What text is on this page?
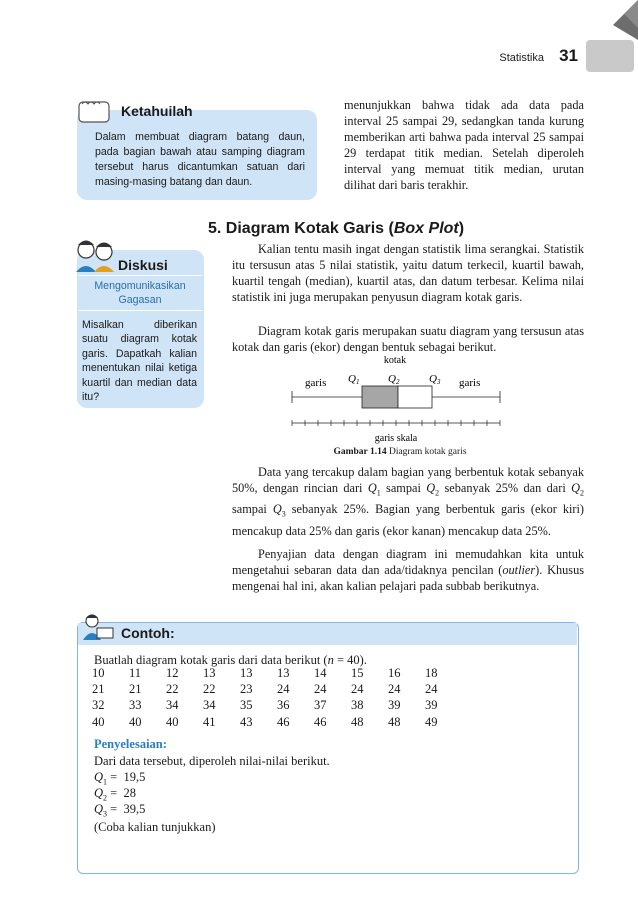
Statistika 31
Ketahuilah
Dalam membuat diagram batang daun, pada bagian bawah atau samping diagram tersebut harus dicantumkan satuan dari masing-masing batang dan daun.
Diskusi
Mengomunikasikan Gagasan
Misalkan diberikan suatu diagram kotak garis. Dapatkah kalian menentukan nilai ketiga kuartil dan median data itu?
menunjukkan bahwa tidak ada data pada interval 25 sampai 29, sedangkan tanda kurung memberikan arti bahwa pada interval 25 sampai 29 terdapat titik median. Setelah diperoleh interval yang memuat titik median, urutan dilihat dari baris terakhir.
5. Diagram Kotak Garis (Box Plot)
Kalian tentu masih ingat dengan statistik lima serangkai. Statistik itu tersusun atas 5 nilai statistik, yaitu datum terkecil, kuartil bawah, kuartil tengah (median), kuartil atas, dan datum terbesar. Kelima nilai statistik ini juga merupakan penyusun diagram kotak garis.
Diagram kotak garis merupakan suatu diagram yang tersusun atas kotak dan garis (ekor) dengan bentuk sebagai berikut.
kotak
garis	garis
Q1	Q2	Q3
garis skala
Gambar 1.14 Diagram kotak garis
Data yang tercakup dalam bagian yang berbentuk kotak sebanyak 50%, dengan rincian dari $Q_1$ sampai $Q_2$ sebanyak 25% dan dari $Q_2$ sampai $Q_3$ sebanyak 25%. Bagian yang berbentuk garis (ekor kiri) mencakup data 25% dan garis (ekor kanan) mencakup data 25%.
Penyajian data dengan diagram ini memudahkan kita untuk mengetahui sebaran data dan ada/tidaknya pencilan (outlier). Khusus mengenai hal ini, akan kalian pelajari pada subbab berikutnya.
Contoh:
Buatlah diagram kotak garis dari data berikut (n = 40).
10	11	12	13	13	13	14	15	16	18
21	21	22	22	23	24	24	24	24	24
32	33	34	34	35	36	37	38	39	39
40	40	40	41	43	46	46	48	48	49
Penyelesaian:
Dari data tersebut, diperoleh nilai-nilai berikut.
$Q_1 = 19,5$
$Q_2 = 28$
$Q_3 = 39,5$
(Coba kalian tunjukkan)
